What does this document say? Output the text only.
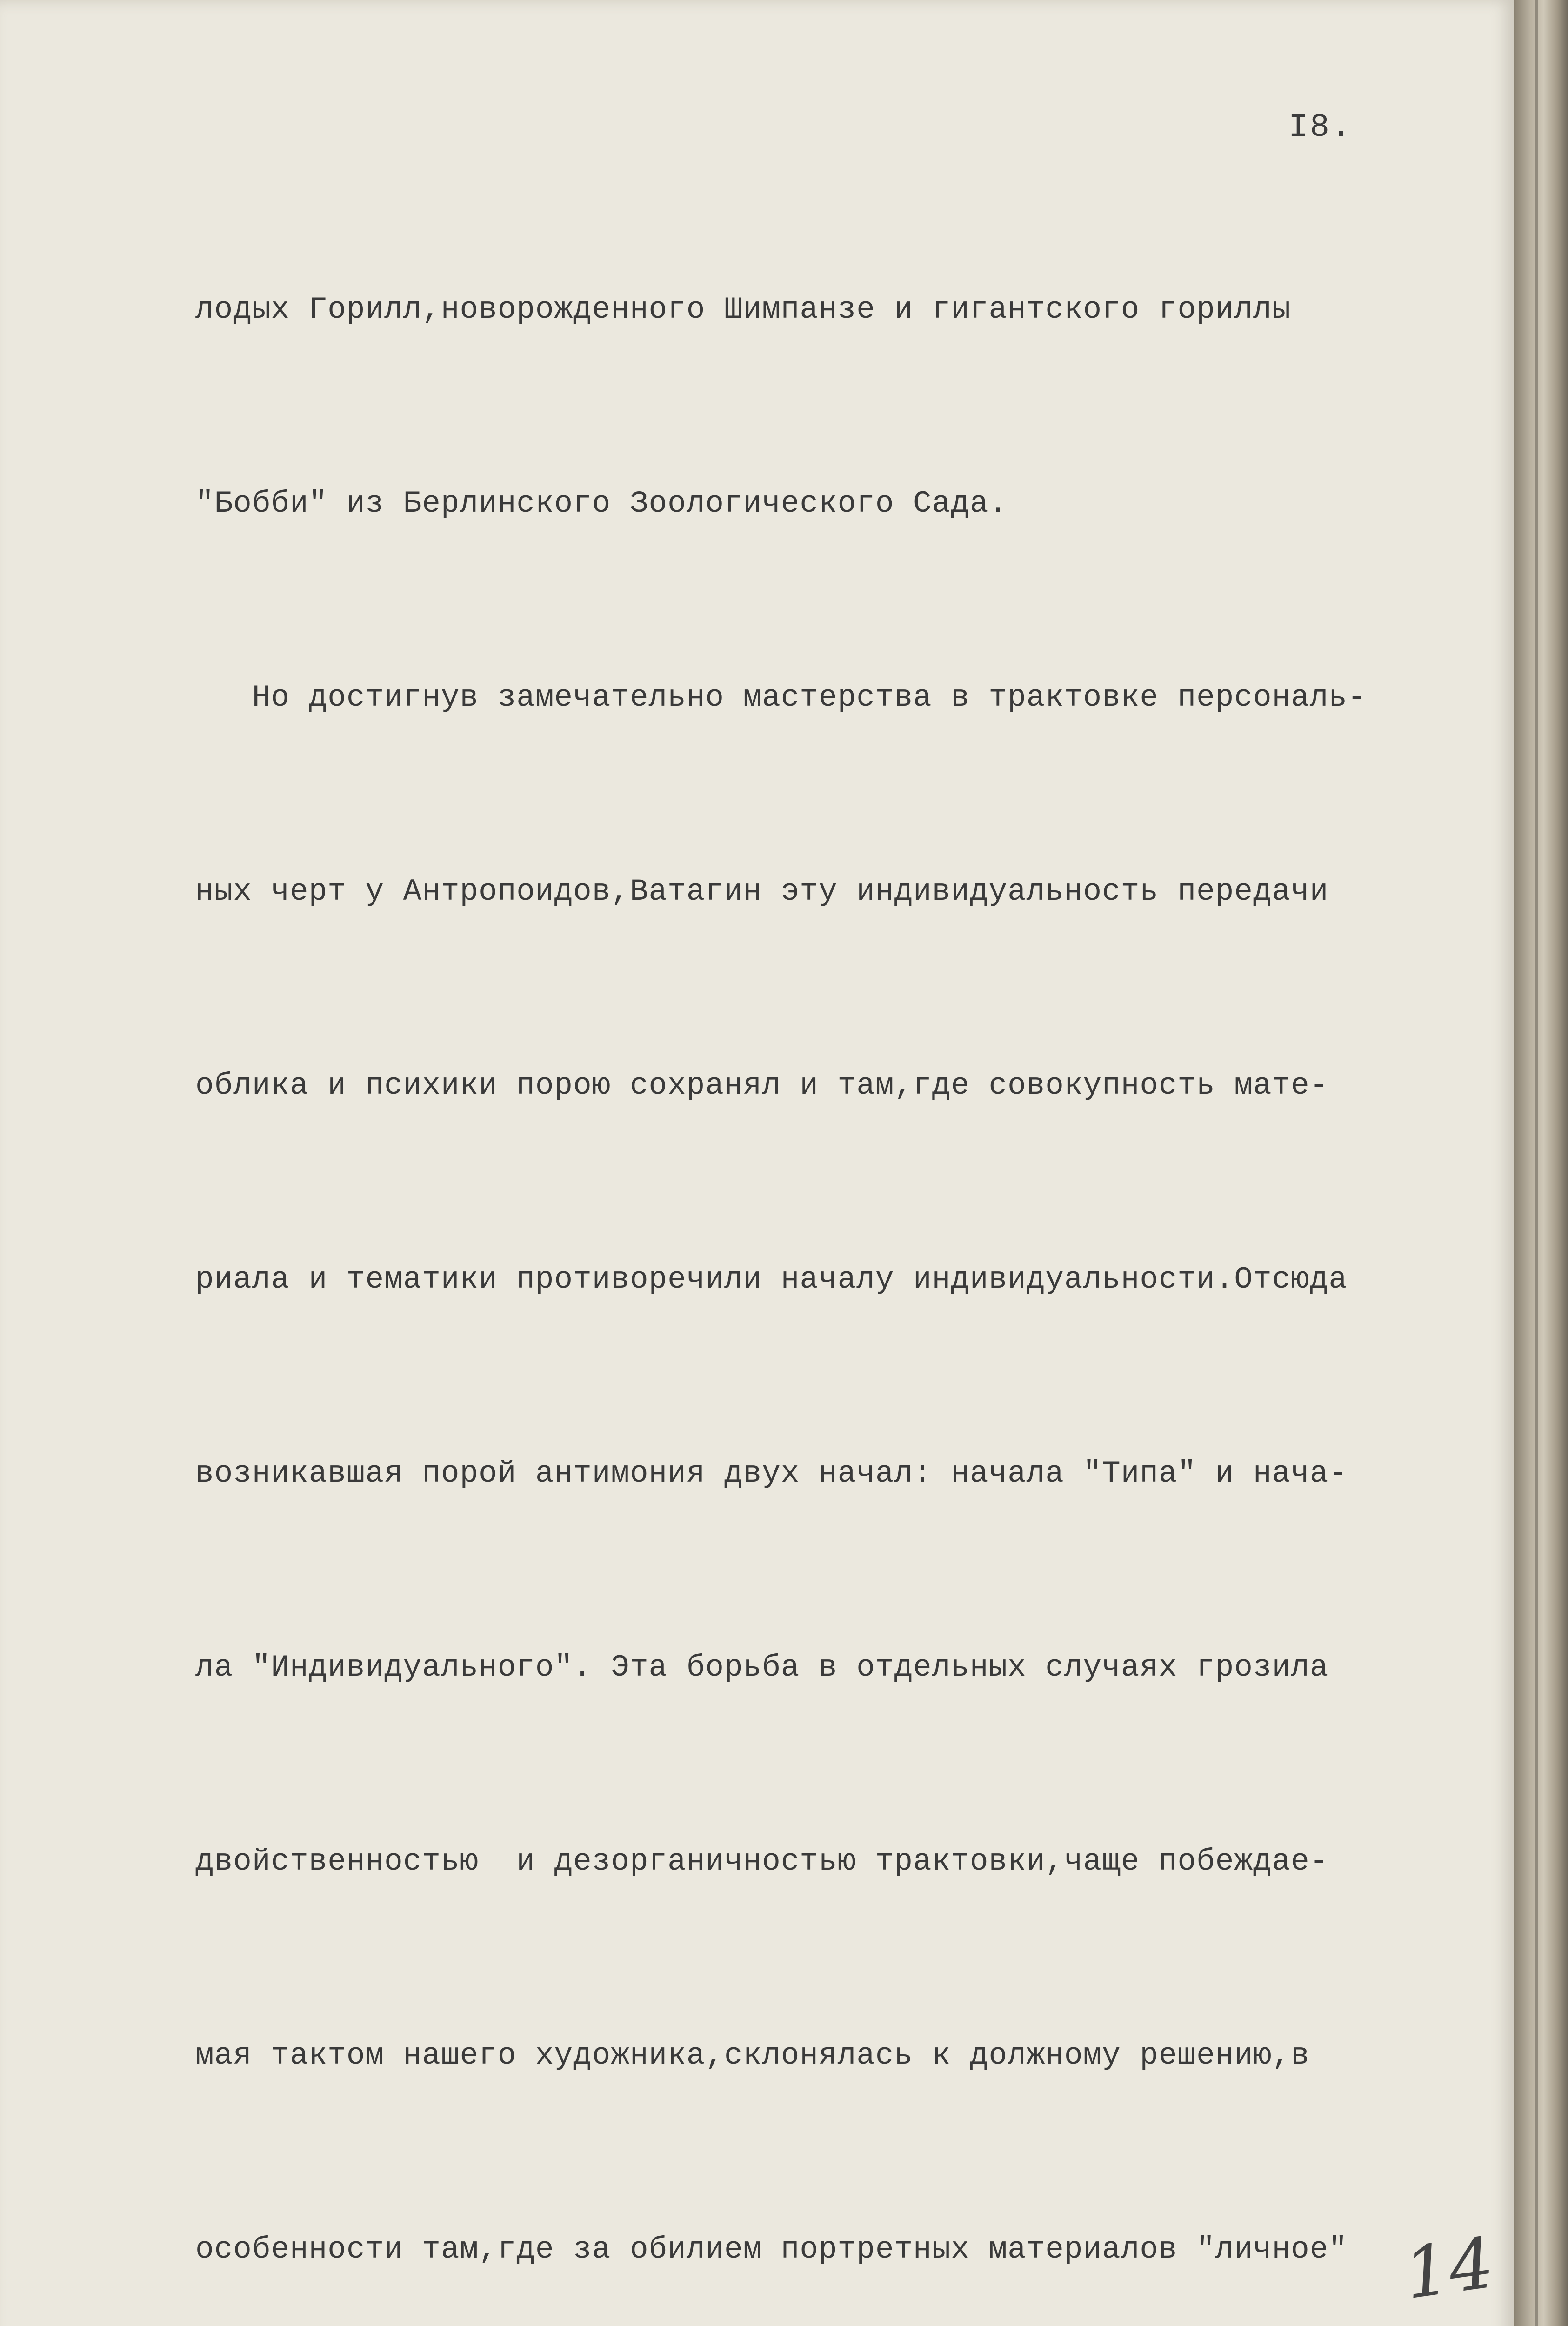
I8.

лодых Горилл,новорожденного Шимпанзе и гигантского гориллы

"Бобби" из Берлинского Зоологического Сада.

Но достигнув замечательно мастерства в трактовке персональ-

ных черт у Антропоидов,Ватагин эту индивидуальность передачи

облика и психики порою сохранял и там,где совокупность мате-

риала и тематики противоречили началу индивидуальности.Отсюда

возникавшая порой антимония двух начал: начала "Типа" и нача-

ла "Индивидуального". Эта борьба в отдельных случаях грозила

двойственностью  и дезорганичностью трактовки,чаще побеждае-

мая тактом нашего художника,склонялась к должному решению,в

особенности там,где за обилием портретных материалов "личное"

14
